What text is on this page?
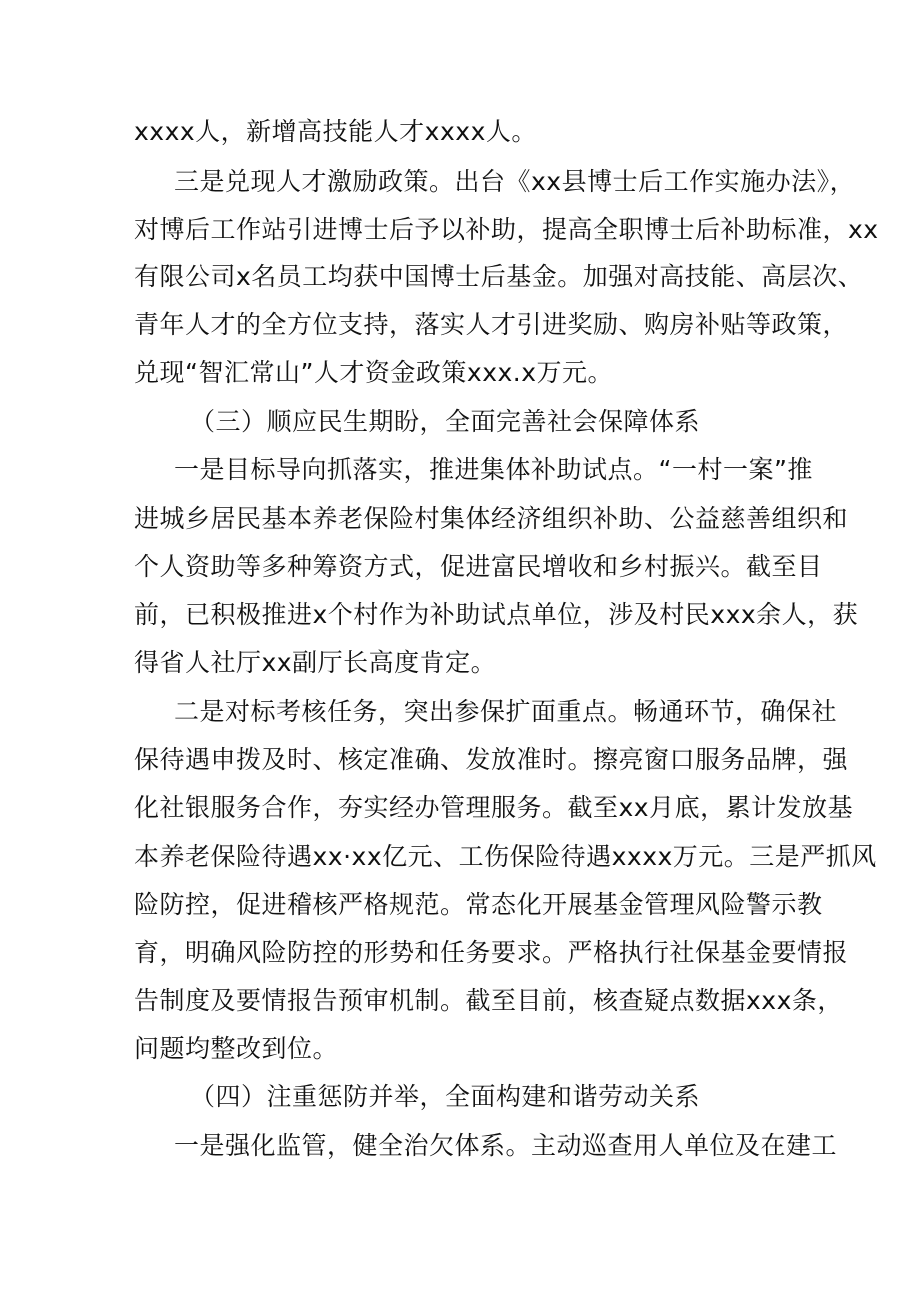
xxxx人，新增高技能人才xxxx人。
三是兑现人才激励政策。出台《xx县博士后工作实施办法》，
对博后工作站引进博士后予以补助，提高全职博士后补助标准，xx
有限公司x名员工均获中国博士后基金。加强对高技能、高层次、
青年人才的全方位支持，落实人才引进奖励、购房补贴等政策，
兑现“智汇常山”人才资金政策xxx.x万元。
（三）顺应民生期盼，全面完善社会保障体系
一是目标导向抓落实，推进集体补助试点。“一村一案”推
进城乡居民基本养老保险村集体经济组织补助、公益慈善组织和
个人资助等多种筹资方式，促进富民增收和乡村振兴。截至目
前，已积极推进x个村作为补助试点单位，涉及村民xxx余人，获
得省人社厅xx副厅长高度肯定。
二是对标考核任务，突出参保扩面重点。畅通环节，确保社
保待遇申拨及时、核定准确、发放准时。擦亮窗口服务品牌，强
化社银服务合作，夯实经办管理服务。截至xx月底，累计发放基
本养老保险待遇xx·xx亿元、工伤保险待遇xxxx万元。三是严抓风
险防控，促进稽核严格规范。常态化开展基金管理风险警示教
育，明确风险防控的形势和任务要求。严格执行社保基金要情报
告制度及要情报告预审机制。截至目前，核查疑点数据xxx条，
问题均整改到位。
（四）注重惩防并举，全面构建和谐劳动关系
一是强化监管，健全治欠体系。主动巡查用人单位及在建工
